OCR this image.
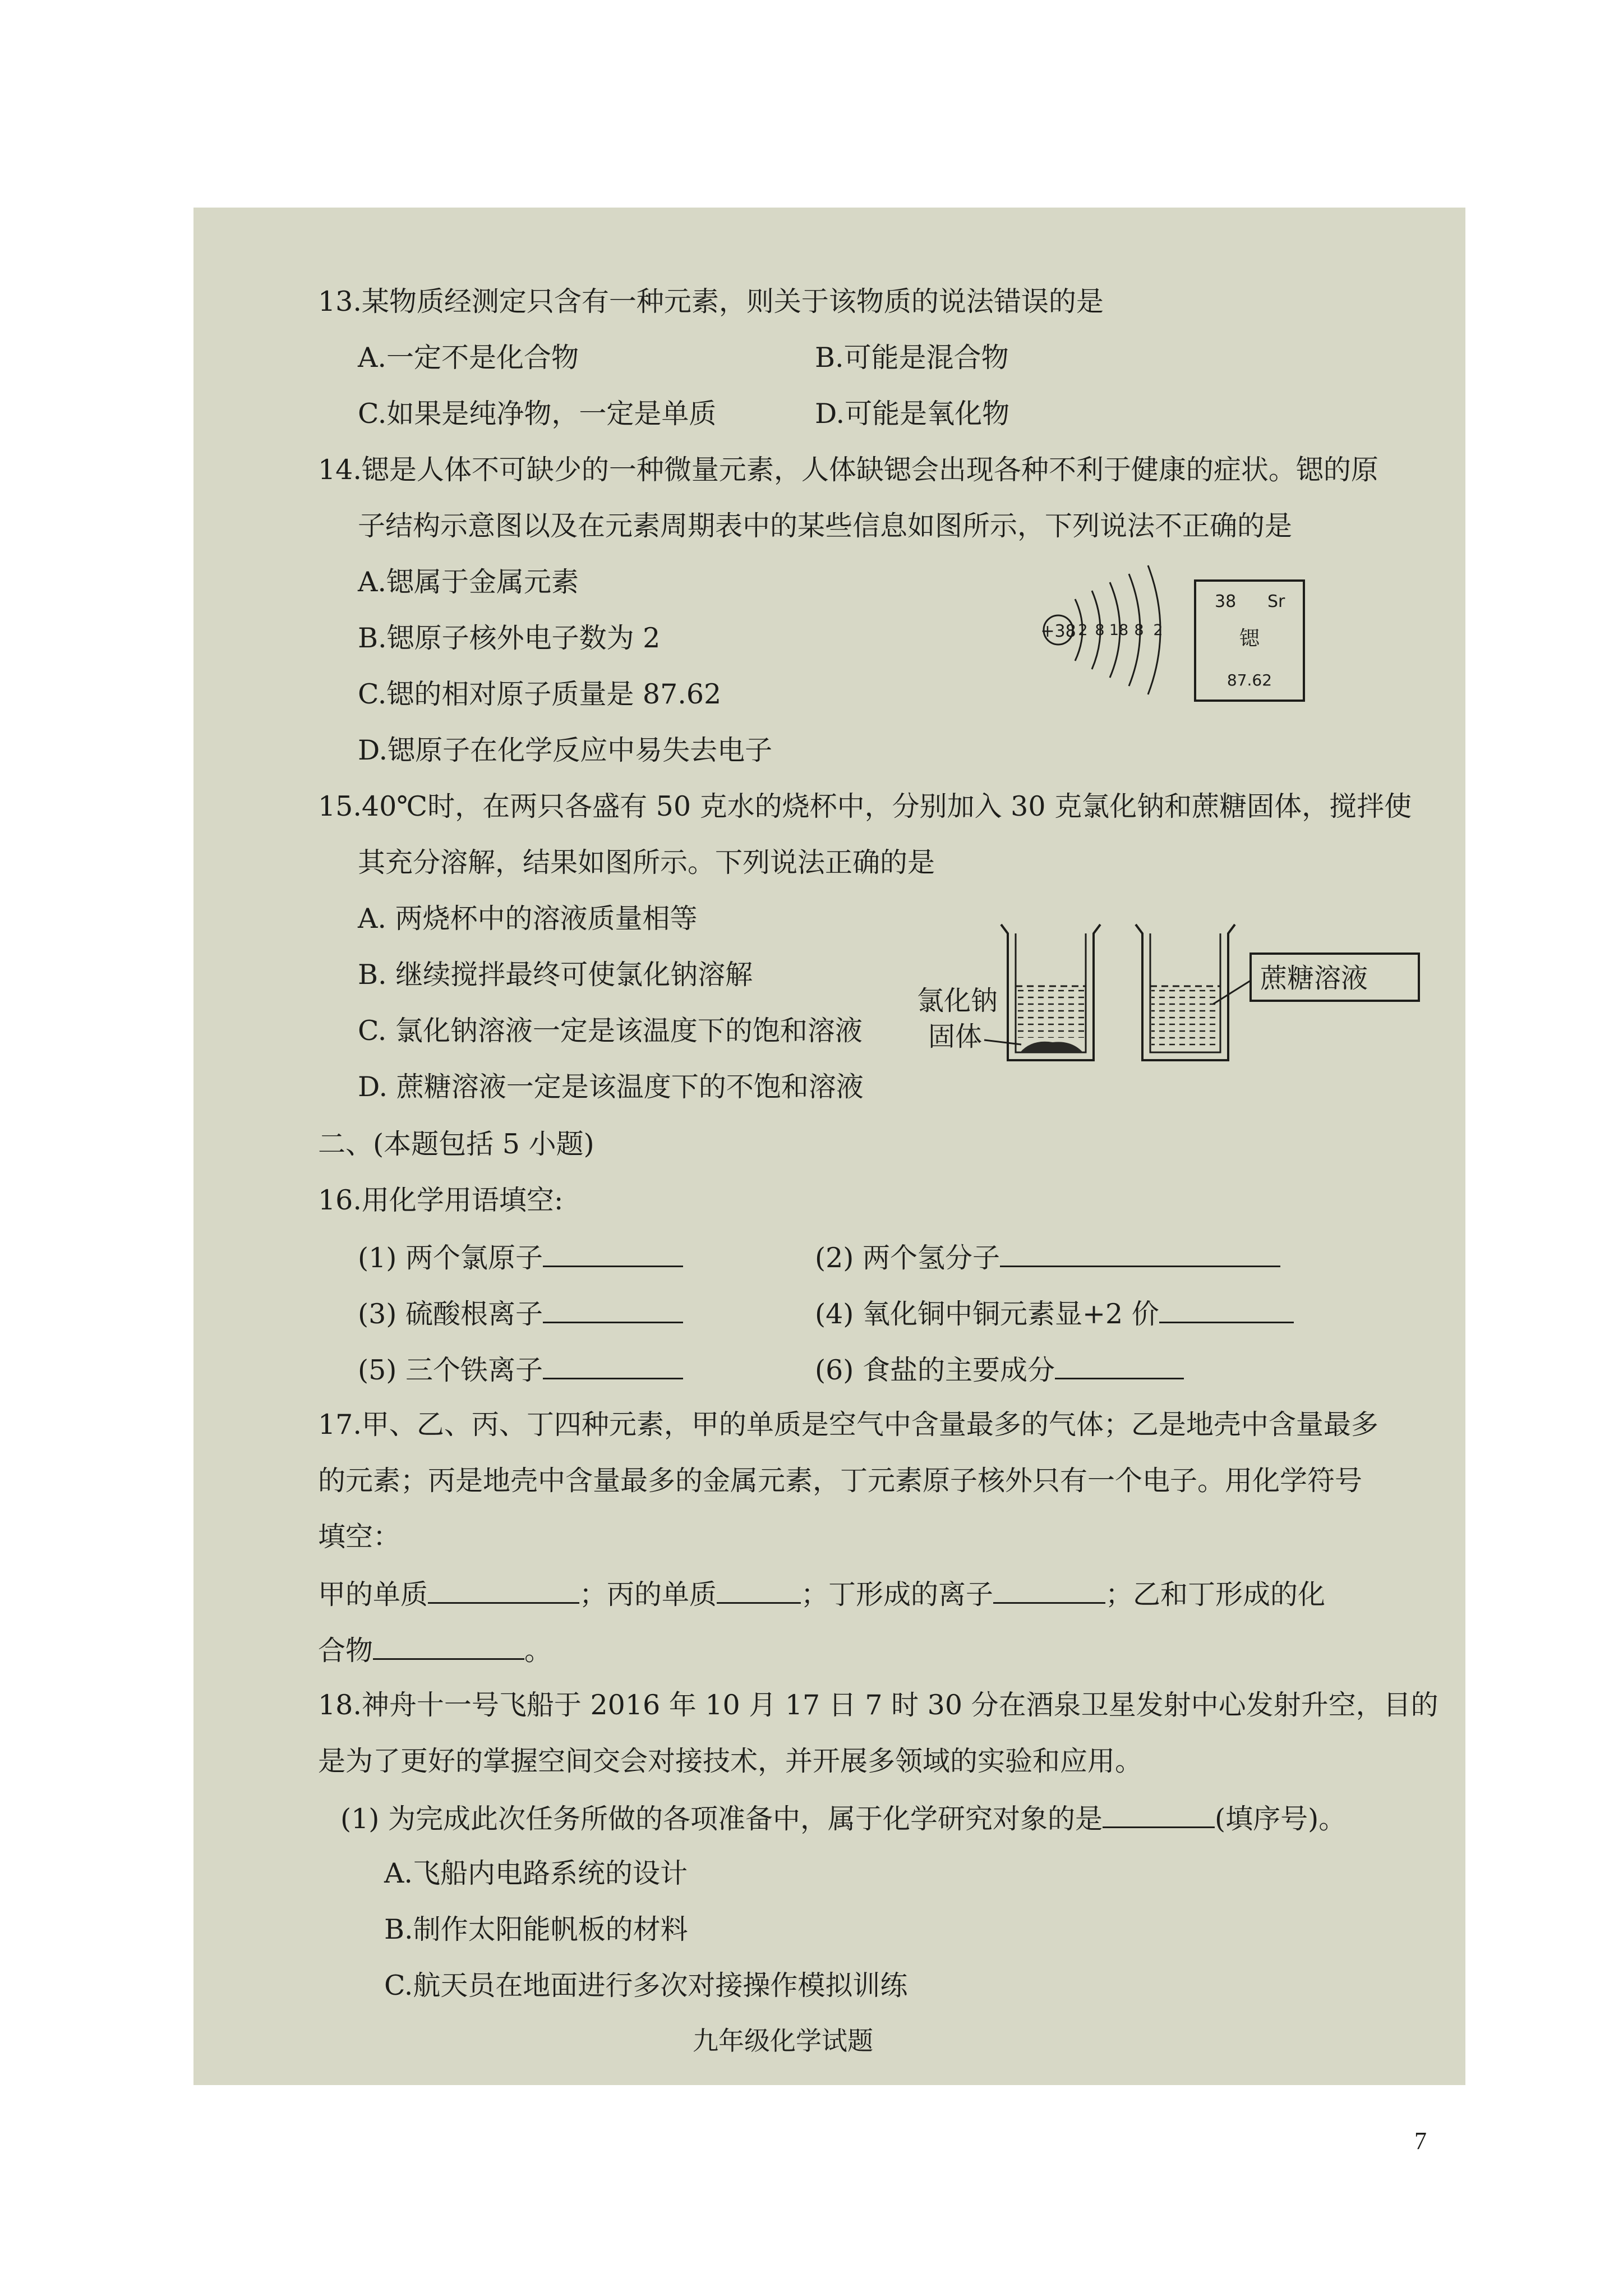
13.某物质经测定只含有一种元素，则关于该物质的说法错误的是
A.一定不是化合物	B.可能是混合物
C.如果是纯净物，一定是单质	D.可能是氧化物
14.锶是人体不可缺少的一种微量元素，人体缺锶会出现各种不利于健康的症状。锶的原
子结构示意图以及在元素周期表中的某些信息如图所示，下列说法不正确的是
A.锶属于金属元素
B.锶原子核外电子数为 2
C.锶的相对原子质量是 87.62
D.锶原子在化学反应中易失去电子
+38 2 8 18 8 2
38 Sr
锶
87.62
15.40℃时，在两只各盛有 50 克水的烧杯中，分别加入 30 克氯化钠和蔗糖固体，搅拌使
其充分溶解，结果如图所示。下列说法正确的是
A. 两烧杯中的溶液质量相等
B. 继续搅拌最终可使氯化钠溶解
C. 氯化钠溶液一定是该温度下的饱和溶液
D. 蔗糖溶液一定是该温度下的不饱和溶液
氯化钠
固体
蔗糖溶液
二、(本题包括 5 小题)
16.用化学用语填空:
(1) 两个氯原子	(2) 两个氢分子
(3) 硫酸根离子	(4) 氧化铜中铜元素显+2 价
(5) 三个铁离子	(6) 食盐的主要成分
17.甲、乙、丙、丁四种元素，甲的单质是空气中含量最多的气体；乙是地壳中含量最多
的元素；丙是地壳中含量最多的金属元素，丁元素原子核外只有一个电子。用化学符号
填空：
甲的单质	；丙的单质	；丁形成的离子	；乙和丁形成的化
合物	。
18.神舟十一号飞船于 2016 年 10 月 17 日 7 时 30 分在酒泉卫星发射中心发射升空，目的
是为了更好的掌握空间交会对接技术，并开展多领域的实验和应用。
(1) 为完成此次任务所做的各项准备中，属于化学研究对象的是	(填序号)。
A.飞船内电路系统的设计
B.制作太阳能帆板的材料
C.航天员在地面进行多次对接操作模拟训练
九年级化学试题
7
